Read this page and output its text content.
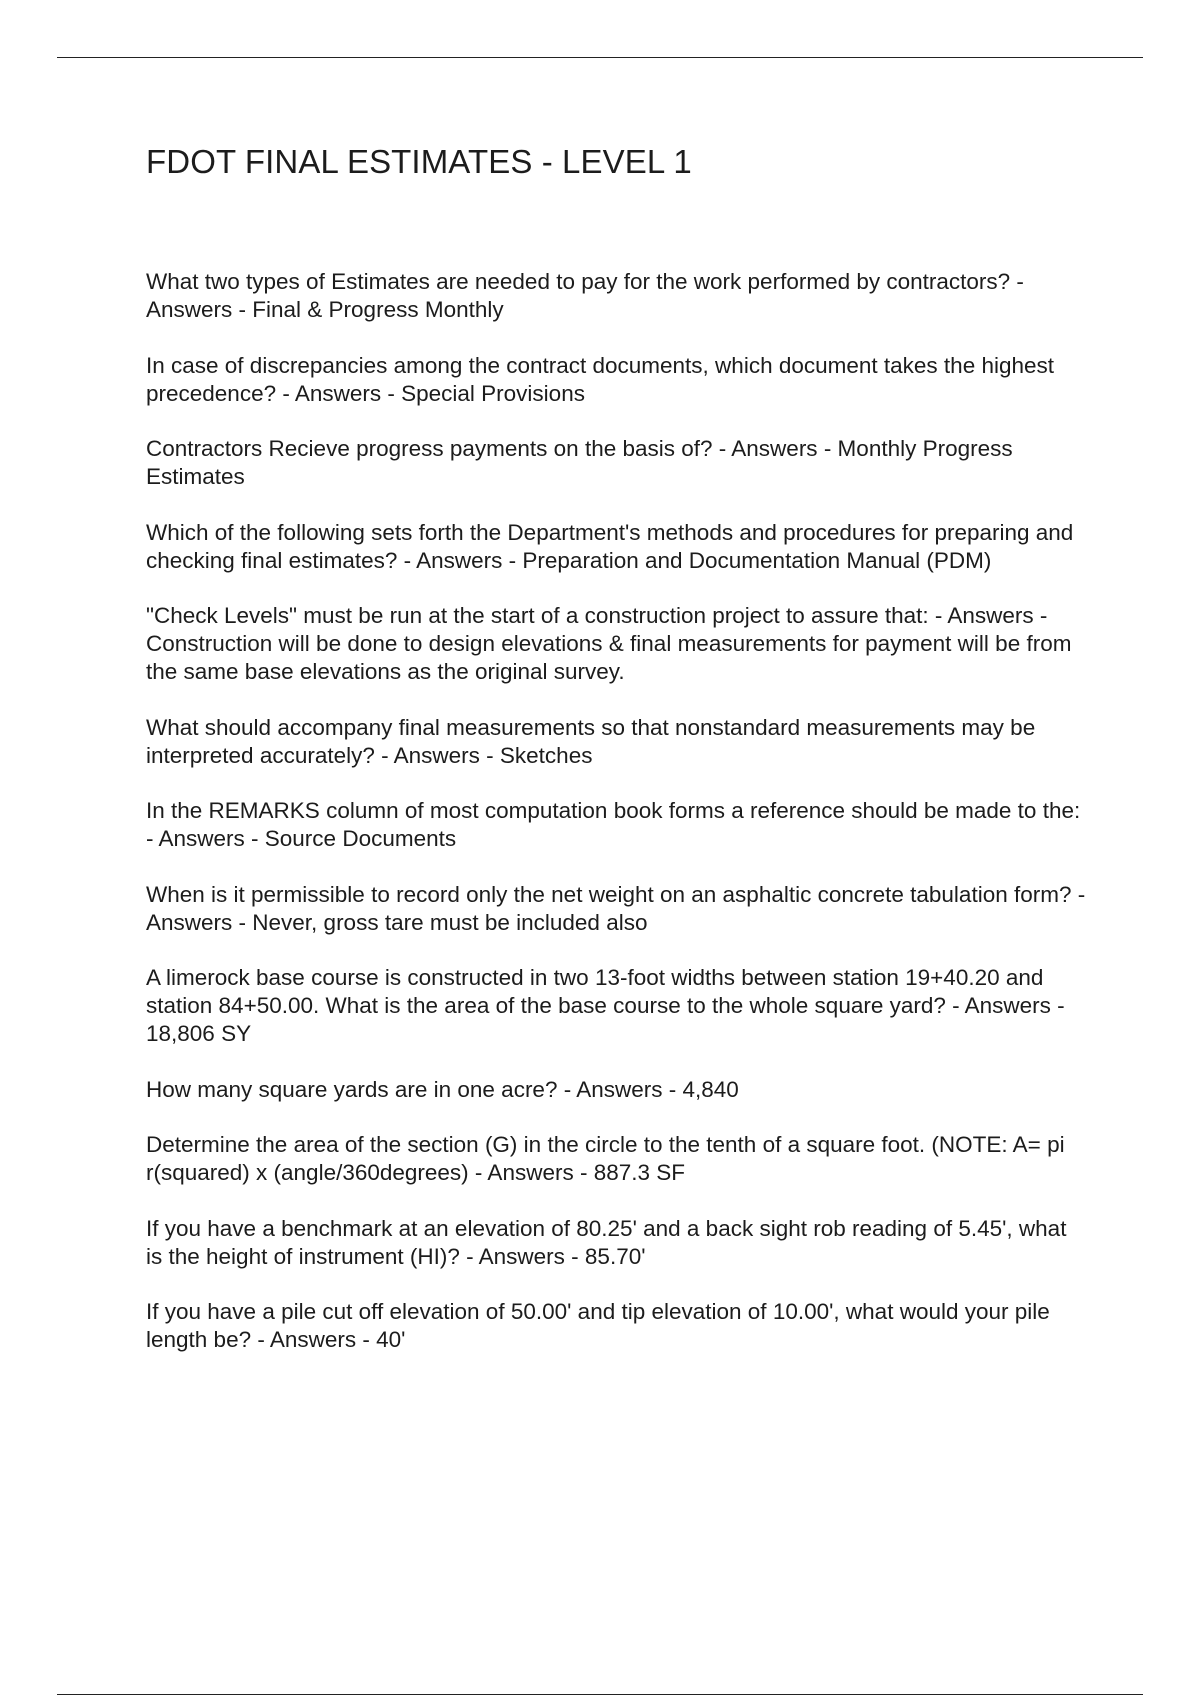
FDOT FINAL ESTIMATES - LEVEL 1

What two types of Estimates are needed to pay for the work performed by contractors? - Answers - Final & Progress Monthly

In case of discrepancies among the contract documents, which document takes the highest precedence? - Answers - Special Provisions

Contractors Recieve progress payments on the basis of? - Answers - Monthly Progress Estimates

Which of the following sets forth the Department's methods and procedures for preparing and checking final estimates? - Answers - Preparation and Documentation Manual (PDM)

"Check Levels" must be run at the start of a construction project to assure that: - Answers - Construction will be done to design elevations & final measurements for payment will be from the same base elevations as the original survey.

What should accompany final measurements so that nonstandard measurements may be interpreted accurately? - Answers - Sketches

In the REMARKS column of most computation book forms a reference should be made to the: - Answers - Source Documents

When is it permissible to record only the net weight on an asphaltic concrete tabulation form? - Answers - Never, gross tare must be included also

A limerock base course is constructed in two 13-foot widths between station 19+40.20 and station 84+50.00. What is the area of the base course to the whole square yard? - Answers - 18,806 SY

How many square yards are in one acre? - Answers - 4,840

Determine the area of the section (G) in the circle to the tenth of a square foot. (NOTE: A= pi r(squared) x (angle/360degrees) - Answers - 887.3 SF

If you have a benchmark at an elevation of 80.25' and a back sight rob reading of 5.45', what is the height of instrument (HI)? - Answers - 85.70'

If you have a pile cut off elevation of 50.00' and tip elevation of 10.00', what would your pile length be? - Answers - 40'
